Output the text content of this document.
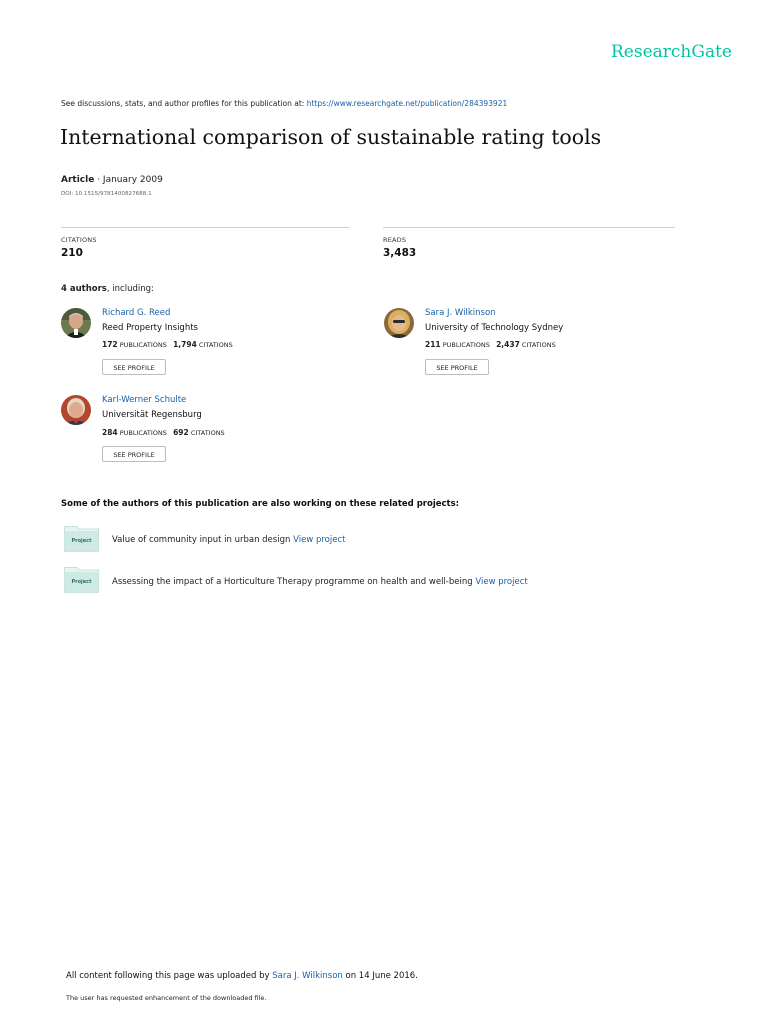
ResearchGate
See discussions, stats, and author profiles for this publication at: https://www.researchgate.net/publication/284393921
International comparison of sustainable rating tools
Article · January 2009
DOI: 10.1515/9781400827688.1
CITATIONS
210
READS
3,483
4 authors, including:
Richard G. Reed
Reed Property Insights
172 PUBLICATIONS 1,794 CITATIONS
SEE PROFILE
Sara J. Wilkinson
University of Technology Sydney
211 PUBLICATIONS 2,437 CITATIONS
SEE PROFILE
Karl-Werner Schulte
Universität Regensburg
284 PUBLICATIONS 692 CITATIONS
SEE PROFILE
Some of the authors of this publication are also working on these related projects:
Project	Value of community input in urban design View project
Project	Assessing the impact of a Horticulture Therapy programme on health and well-being View project
All content following this page was uploaded by Sara J. Wilkinson on 14 June 2016.
The user has requested enhancement of the downloaded file.
